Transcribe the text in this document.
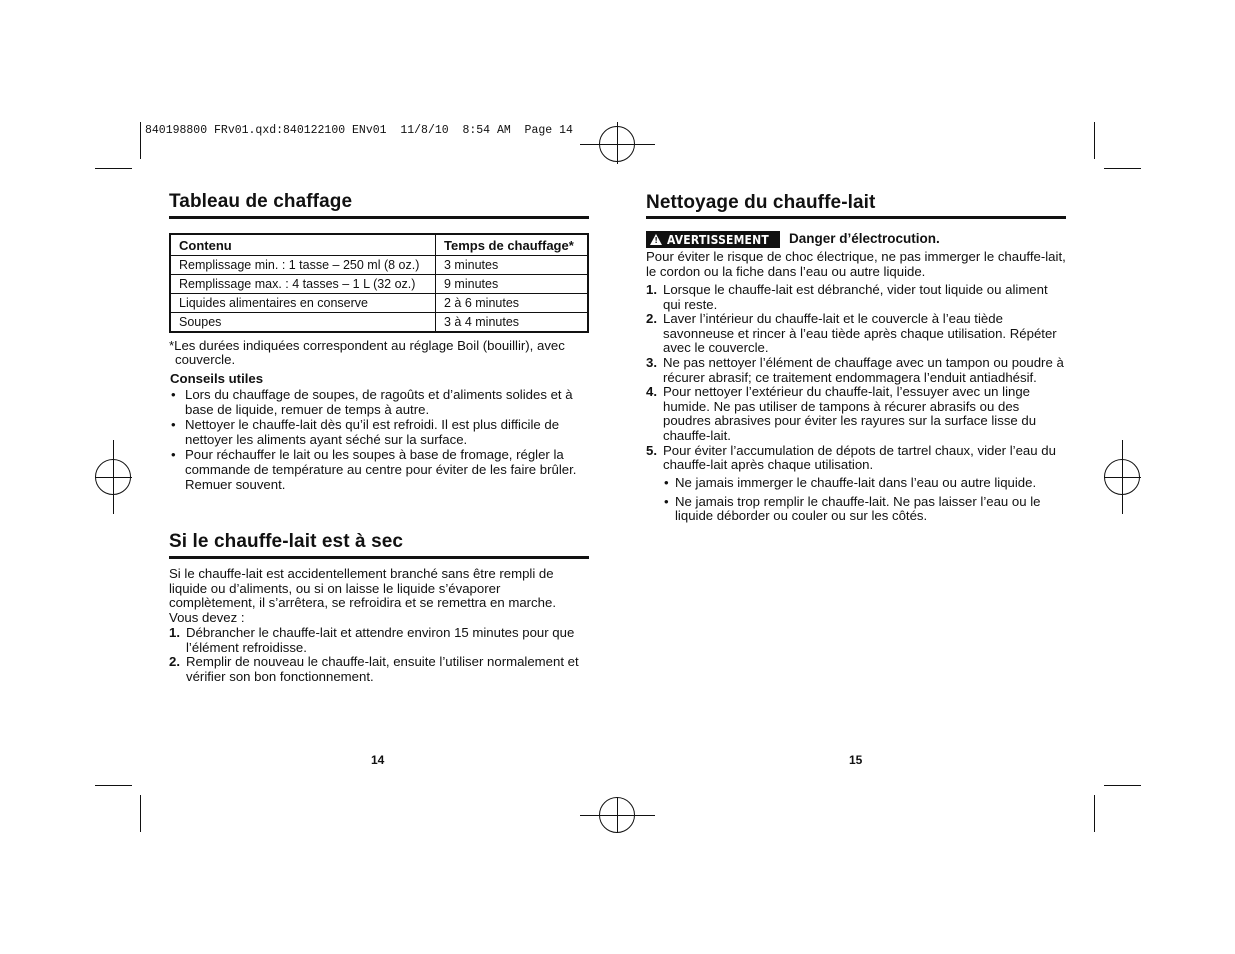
840198800 FRv01.qxd:840122100 ENv01  11/8/10  8:54 AM  Page 14
Tableau de chaffage
Contenu	Temps de chauffage*
Remplissage min. : 1 tasse – 250 ml (8 oz.)	3 minutes
Remplissage max. : 4 tasses – 1 L (32 oz.)	9 minutes
Liquides alimentaires en conserve	2 à 6 minutes
Soupes	3 à 4 minutes

*Les durées indiquées correspondent au réglage Boil (bouillir), avec

couvercle.

Conseils utiles

• Lors du chauffage de soupes, de ragoûts et d’aliments solides et à base de liquide, remuer de temps à autre.
• Nettoyer le chauffe-lait dès qu’il est refroidi. Il est plus difficile de nettoyer les aliments ayant séché sur la surface.
• Pour réchauffer le lait ou les soupes à base de fromage, régler la commande de température au centre pour éviter de les faire brûler. Remuer souvent.
Si le chauffe-lait est à sec

Si le chauffe-lait est accidentellement branché sans être rempli de liquide ou d’aliments, ou si on laisse le liquide s’évaporer complètement, il s’arrêtera, se refroidira et se remettra en marche. Vous devez :

1. Débrancher le chauffe-lait et attendre environ 15 minutes pour que l’élément refroidisse.
2. Remplir de nouveau le chauffe-lait, ensuite l’utiliser normalement et vérifier son bon fonctionnement.
14
Nettoyage du chauffe-lait
! AVERTISSEMENT Danger d’électrocution.

Pour éviter le risque de choc électrique, ne pas immerger le chauffe-lait, le cordon ou la fiche dans l’eau ou autre liquide.

1. Lorsque le chauffe-lait est débranché, vider tout liquide ou aliment qui reste.
2. Laver l’intérieur du chauffe-lait et le couvercle à l’eau tiède savonneuse et rincer à l’eau tiède après chaque utilisation. Répéter avec le couvercle.
3. Ne pas nettoyer l’élément de chauffage avec un tampon ou poudre à récurer abrasif; ce traitement endommagera l’enduit antiadhésif.
4. Pour nettoyer l’extérieur du chauffe-lait, l’essuyer avec un linge humide. Ne pas utiliser de tampons à récurer abrasifs ou des poudres abrasives pour éviter les rayures sur la surface lisse du chauffe-lait.
5. Pour éviter l’accumulation de dépots de tartrel chaux, vider l’eau du chauffe-lait après chaque utilisation.
• Ne jamais immerger le chauffe-lait dans l’eau ou autre liquide.
• Ne jamais trop remplir le chauffe-lait. Ne pas laisser l’eau ou le liquide déborder ou couler ou sur les côtés.
15
